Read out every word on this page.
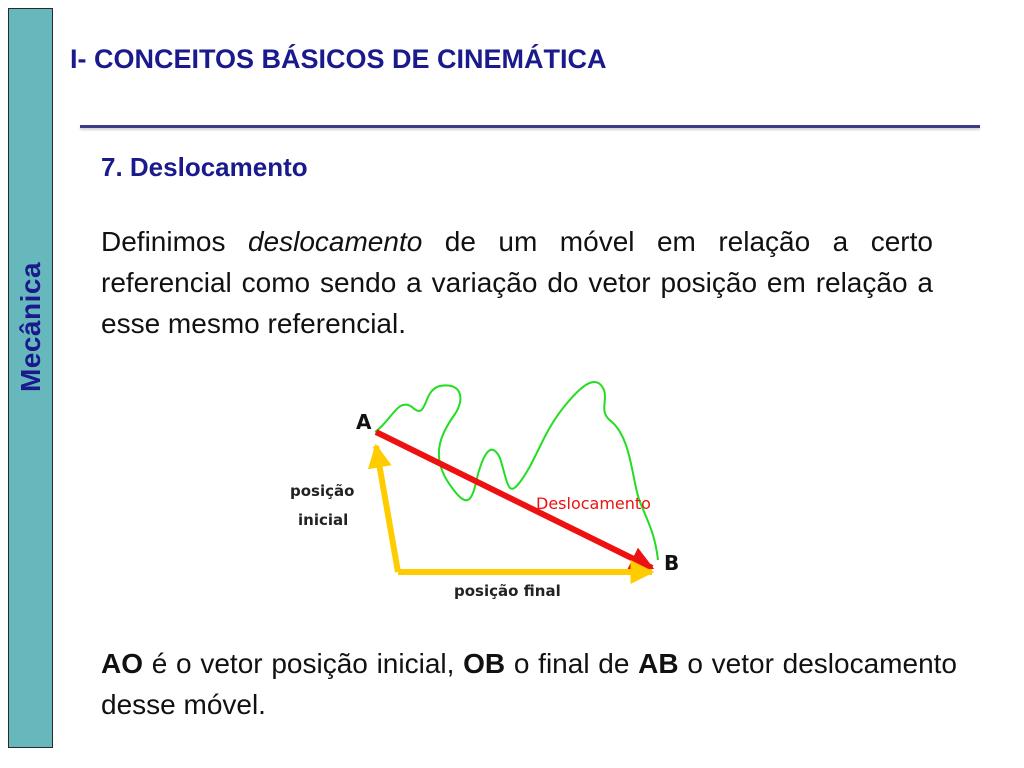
Mecânica
I- CONCEITOS BÁSICOS DE CINEMÁTICA
7. Deslocamento

Definimos deslocamento de um móvel em relação a certo referencial como sendo a variação do vetor posição em relação a esse mesmo referencial.

A
B
Deslocamento
posição
inicial
posição final

AO é o vetor posição inicial, OB o final de AB o vetor deslocamento desse móvel.
